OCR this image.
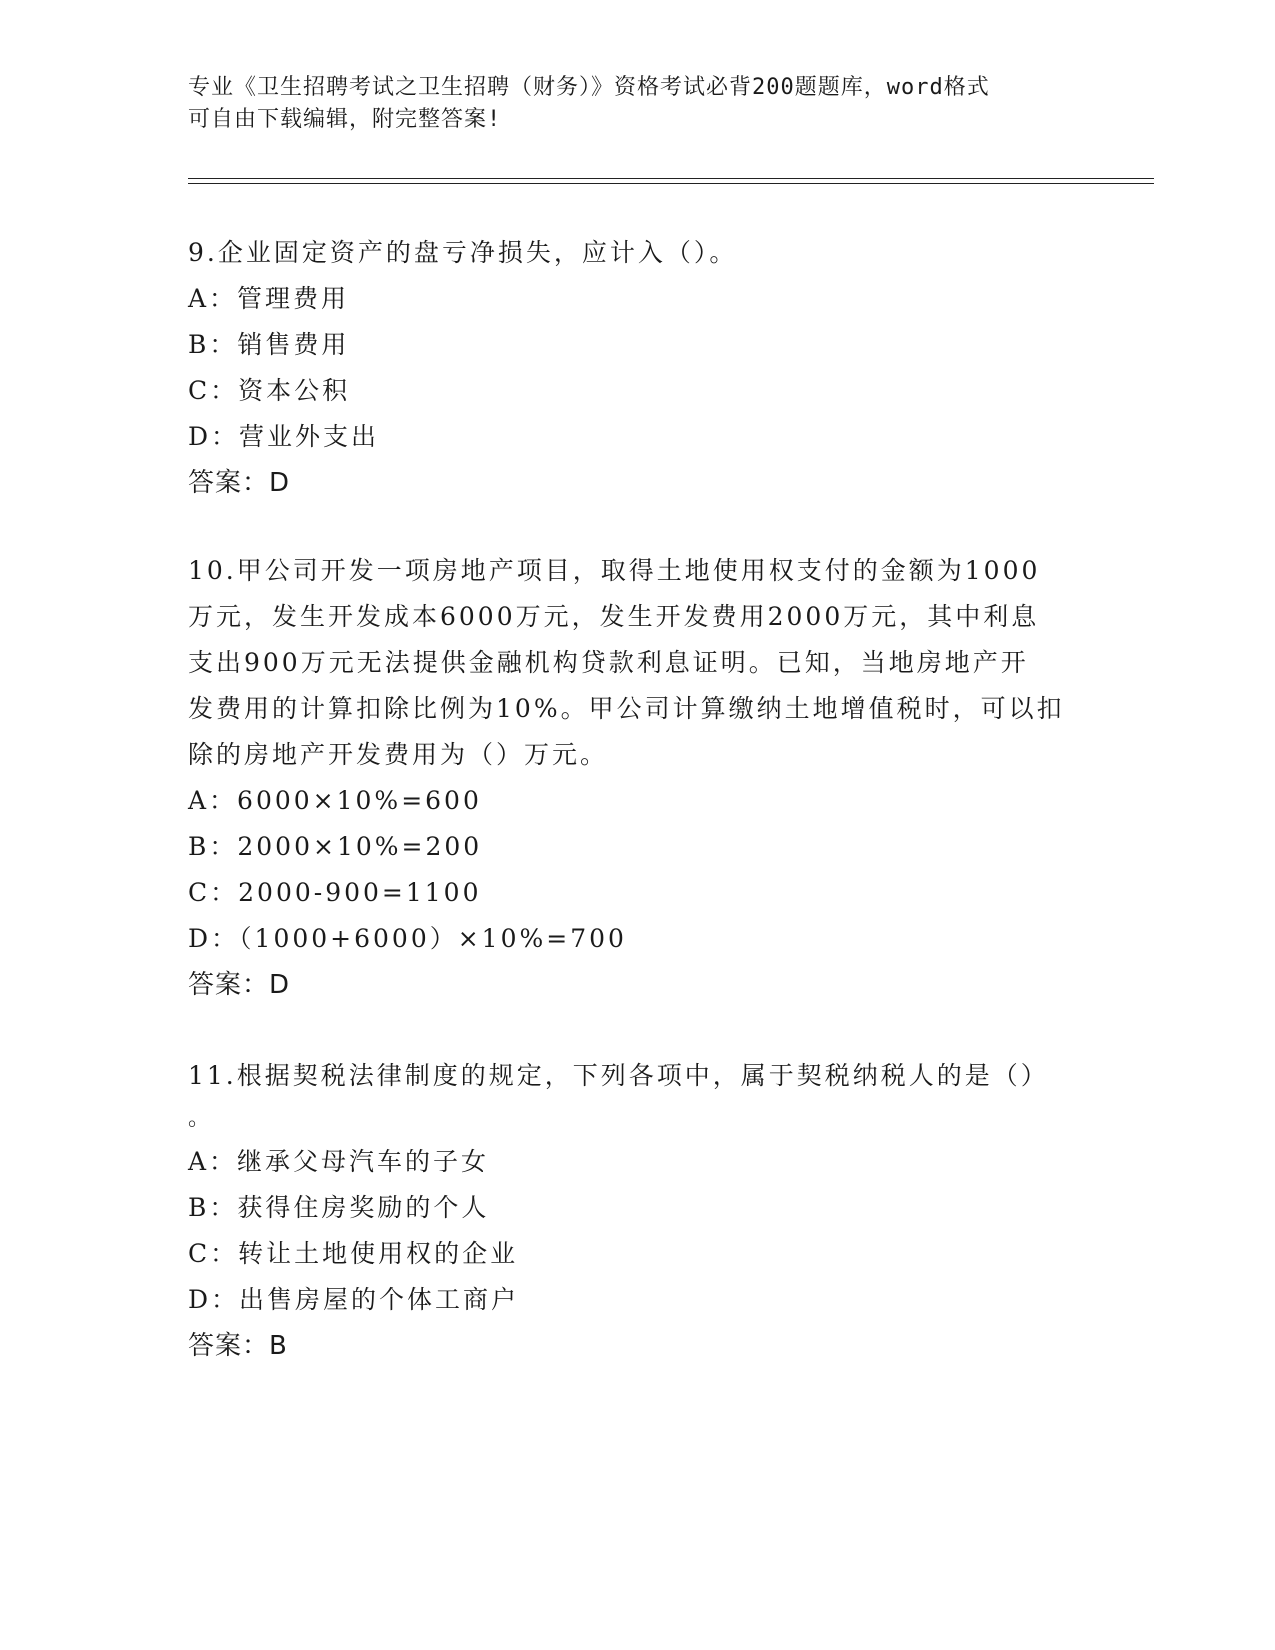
专业《卫生招聘考试之卫生招聘（财务）》资格考试必背200题题库，word格式
可自由下载编辑，附完整答案!
9.企业固定资产的盘亏净损失，应计入（）。
A：管理费用
B：销售费用
C：资本公积
D：营业外支出
答案：D
10.甲公司开发一项房地产项目，取得土地使用权支付的金额为1000
万元，发生开发成本6000万元，发生开发费用2000万元，其中利息
支出900万元无法提供金融机构贷款利息证明。已知，当地房地产开
发费用的计算扣除比例为10%。甲公司计算缴纳土地增值税时，可以扣
除的房地产开发费用为（）万元。
A：6000×10%=600
B：2000×10%=200
C：2000-900=1100
D：（1000+6000）×10%=700
答案：D
11.根据契税法律制度的规定，下列各项中，属于契税纳税人的是（）
。
A：继承父母汽车的子女
B：获得住房奖励的个人
C：转让土地使用权的企业
D：出售房屋的个体工商户
答案：B
